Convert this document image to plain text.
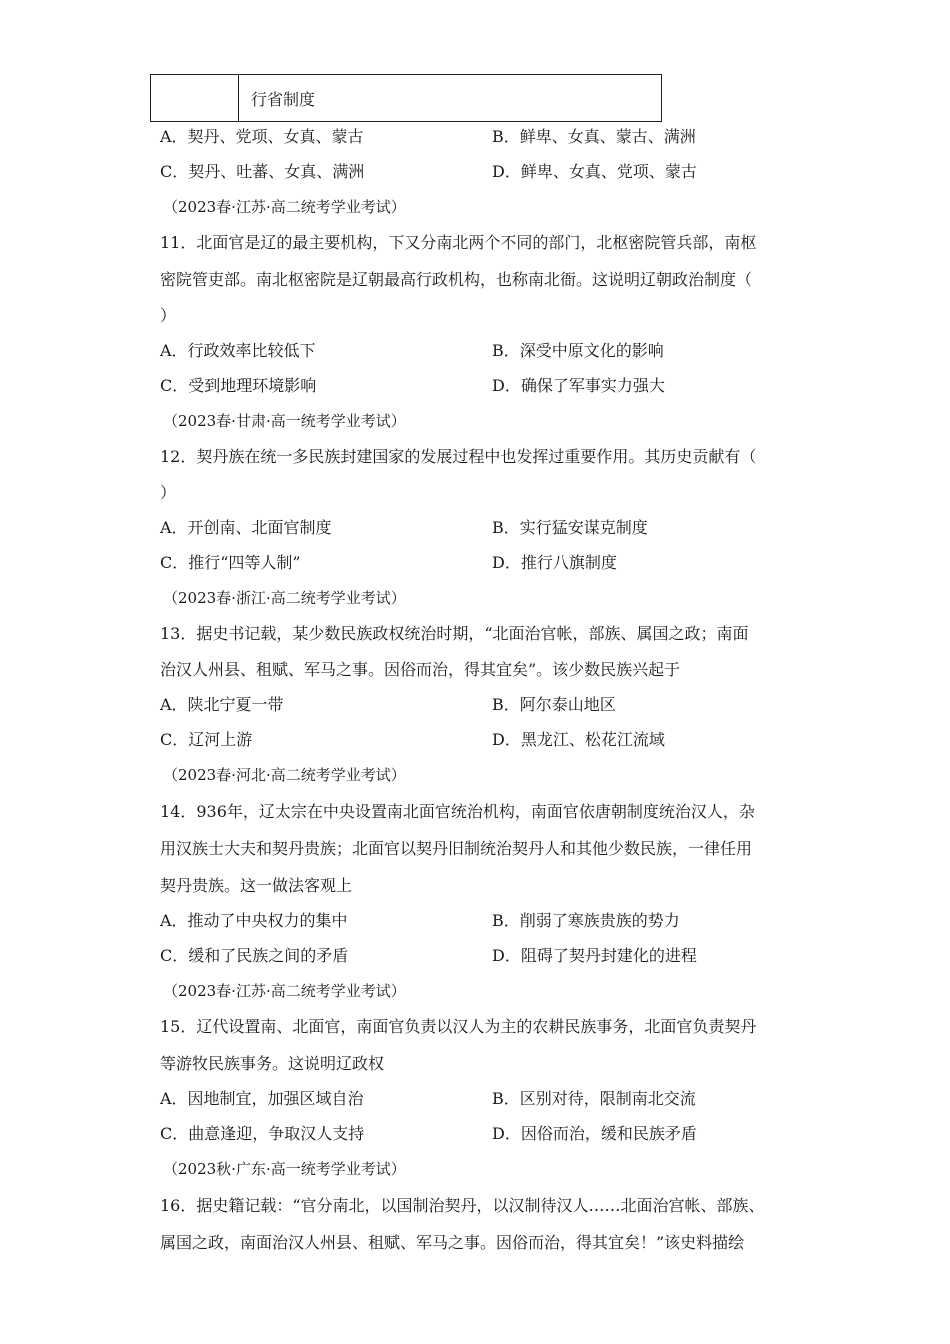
行省制度
A．契丹、党项、女真、蒙古	B．鲜卑、女真、蒙古、满洲
C．契丹、吐蕃、女真、满洲	D．鲜卑、女真、党项、蒙古
（2023春·江苏·高二统考学业考试）
11．北面官是辽的最主要机构，下又分南北两个不同的部门，北枢密院管兵部，南枢
密院管吏部。南北枢密院是辽朝最高行政机构，也称南北衙。这说明辽朝政治制度（
）
A．行政效率比较低下	B．深受中原文化的影响
C．受到地理环境影响	D．确保了军事实力强大
（2023春·甘肃·高一统考学业考试）
12．契丹族在统一多民族封建国家的发展过程中也发挥过重要作用。其历史贡献有（
）
A．开创南、北面官制度	B．实行猛安谋克制度
C．推行“四等人制”	D．推行八旗制度
（2023春·浙江·高二统考学业考试）
13．据史书记载，某少数民族政权统治时期，“北面治官帐，部族、属国之政；南面
治汉人州县、租赋、军马之事。因俗而治，得其宜矣”。该少数民族兴起于
A．陕北宁夏一带	B．阿尔泰山地区
C．辽河上游	D．黑龙江、松花江流域
（2023春·河北·高二统考学业考试）
14．936年，辽太宗在中央设置南北面官统治机构，南面官依唐朝制度统治汉人，杂
用汉族士大夫和契丹贵族；北面官以契丹旧制统治契丹人和其他少数民族，一律任用
契丹贵族。这一做法客观上
A．推动了中央权力的集中	B．削弱了寒族贵族的势力
C．缓和了民族之间的矛盾	D．阻碍了契丹封建化的进程
（2023春·江苏·高二统考学业考试）
15．辽代设置南、北面官，南面官负责以汉人为主的农耕民族事务，北面官负责契丹
等游牧民族事务。这说明辽政权
A．因地制宜，加强区域自治	B．区别对待，限制南北交流
C．曲意逢迎，争取汉人支持	D．因俗而治，缓和民族矛盾
（2023秋·广东·高一统考学业考试）
16．据史籍记载：“官分南北，以国制治契丹，以汉制待汉人……北面治宫帐、部族、
属国之政，南面治汉人州县、租赋、军马之事。因俗而治，得其宜矣！”该史料描绘
